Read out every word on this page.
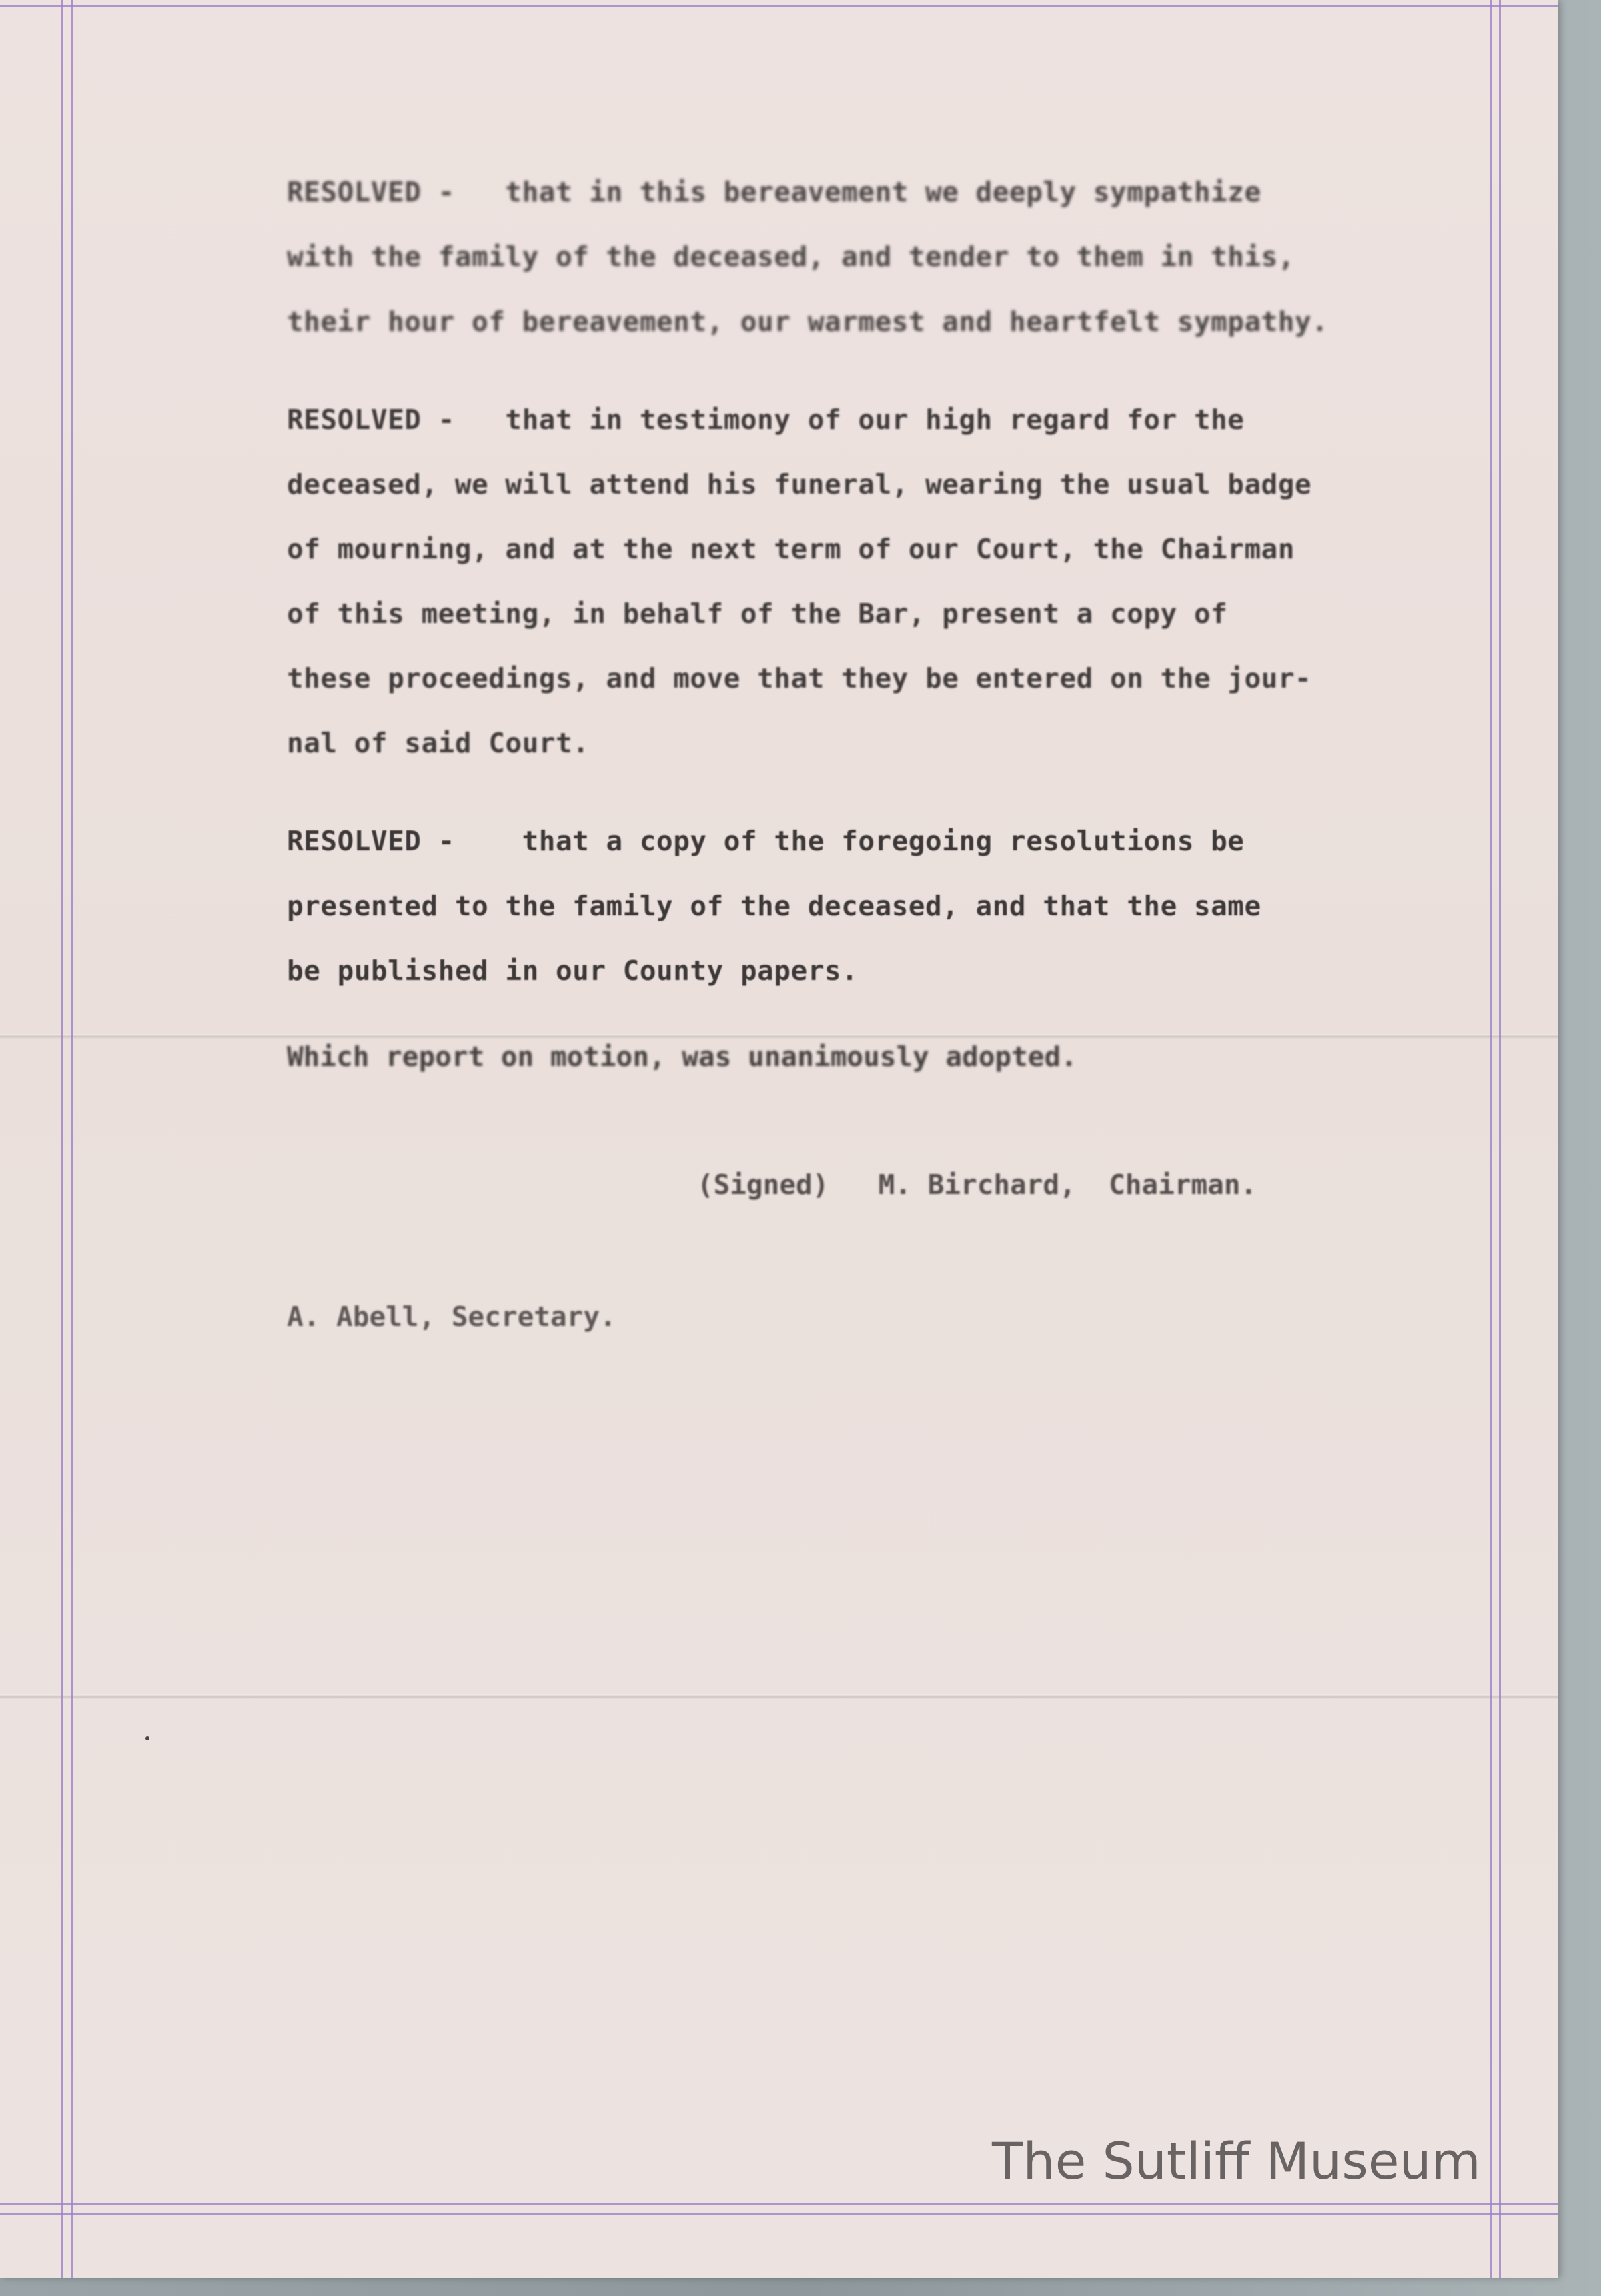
RESOLVED -   that in this bereavement we deeply sympathize
with the family of the deceased, and tender to them in this,
their hour of bereavement, our warmest and heartfelt sympathy.
RESOLVED -   that in testimony of our high regard for the
deceased, we will attend his funeral, wearing the usual badge
of mourning, and at the next term of our Court, the Chairman
of this meeting, in behalf of the Bar, present a copy of
these proceedings, and move that they be entered on the jour-
nal of said Court.
RESOLVED -    that a copy of the foregoing resolutions be
presented to the family of the deceased, and that the same
be published in our County papers.
Which report on motion, was unanimously adopted.
(Signed)   M. Birchard,  Chairman.
A. Abell, Secretary.
The Sutliff Museum
